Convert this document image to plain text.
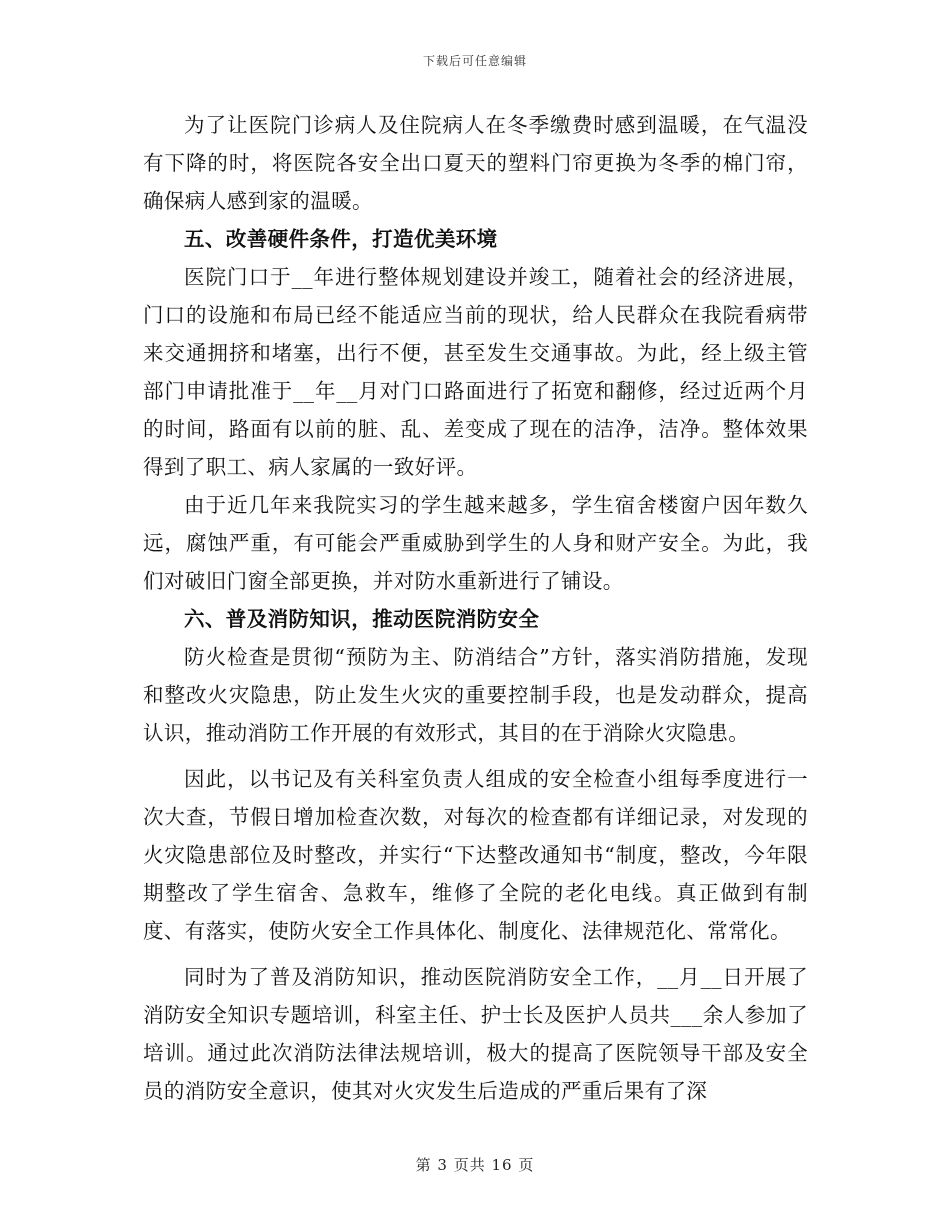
下载后可任意编辑

为了让医院门诊病人及住院病人在冬季缴费时感到温暖，在气温没有下降的时，将医院各安全出口夏天的塑料门帘更换为冬季的棉门帘，确保病人感到家的温暖。

五、改善硬件条件，打造优美环境

医院门口于__年进行整体规划建设并竣工，随着社会的经济进展，门口的设施和布局已经不能适应当前的现状，给人民群众在我院看病带来交通拥挤和堵塞，出行不便，甚至发生交通事故。为此，经上级主管部门申请批准于__年__月对门口路面进行了拓宽和翻修，经过近两个月的时间，路面有以前的脏、乱、差变成了现在的洁净，洁净。整体效果得到了职工、病人家属的一致好评。

由于近几年来我院实习的学生越来越多，学生宿舍楼窗户因年数久远，腐蚀严重，有可能会严重威胁到学生的人身和财产安全。为此，我们对破旧门窗全部更换，并对防水重新进行了铺设。

六、普及消防知识，推动医院消防安全

防火检查是贯彻“预防为主、防消结合”方针，落实消防措施，发现和整改火灾隐患，防止发生火灾的重要控制手段，也是发动群众，提高认识，推动消防工作开展的有效形式，其目的在于消除火灾隐患。

因此，以书记及有关科室负责人组成的安全检查小组每季度进行一次大查，节假日增加检查次数，对每次的检查都有详细记录，对发现的火灾隐患部位及时整改，并实行“下达整改通知书“制度，整改，今年限期整改了学生宿舍、急救车，维修了全院的老化电线。真正做到有制度、有落实，使防火安全工作具体化、制度化、法律规范化、常常化。

同时为了普及消防知识，推动医院消防安全工作，__月__日开展了消防安全知识专题培训，科室主任、护士长及医护人员共___余人参加了培训。通过此次消防法律法规培训，极大的提高了医院领导干部及安全员的消防安全意识，使其对火灾发生后造成的严重后果有了深

第 3 页共 16 页
